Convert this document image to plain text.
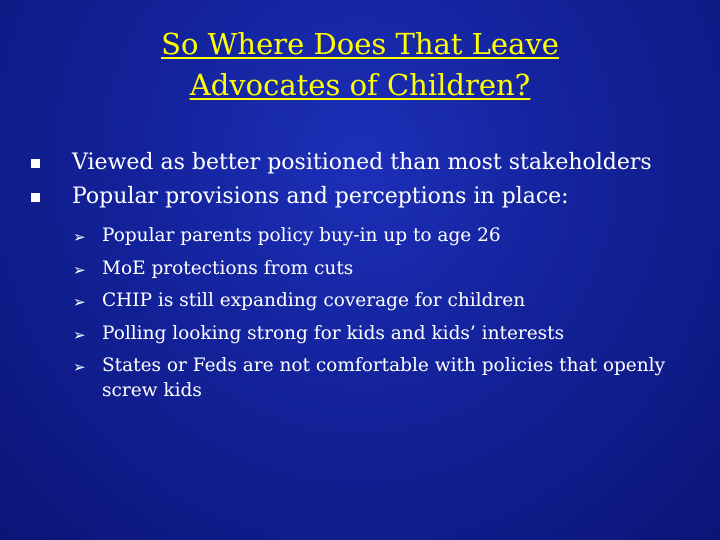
So Where Does That Leave
Advocates of Children?
Viewed as better positioned than most stakeholders
Popular provisions and perceptions in place:
➢ Popular parents policy buy-in up to age 26
➢ MoE protections from cuts
➢ CHIP is still expanding coverage for children
➢ Polling looking strong for kids and kids’ interests
➢ States or Feds are not comfortable with policies that openly screw kids
